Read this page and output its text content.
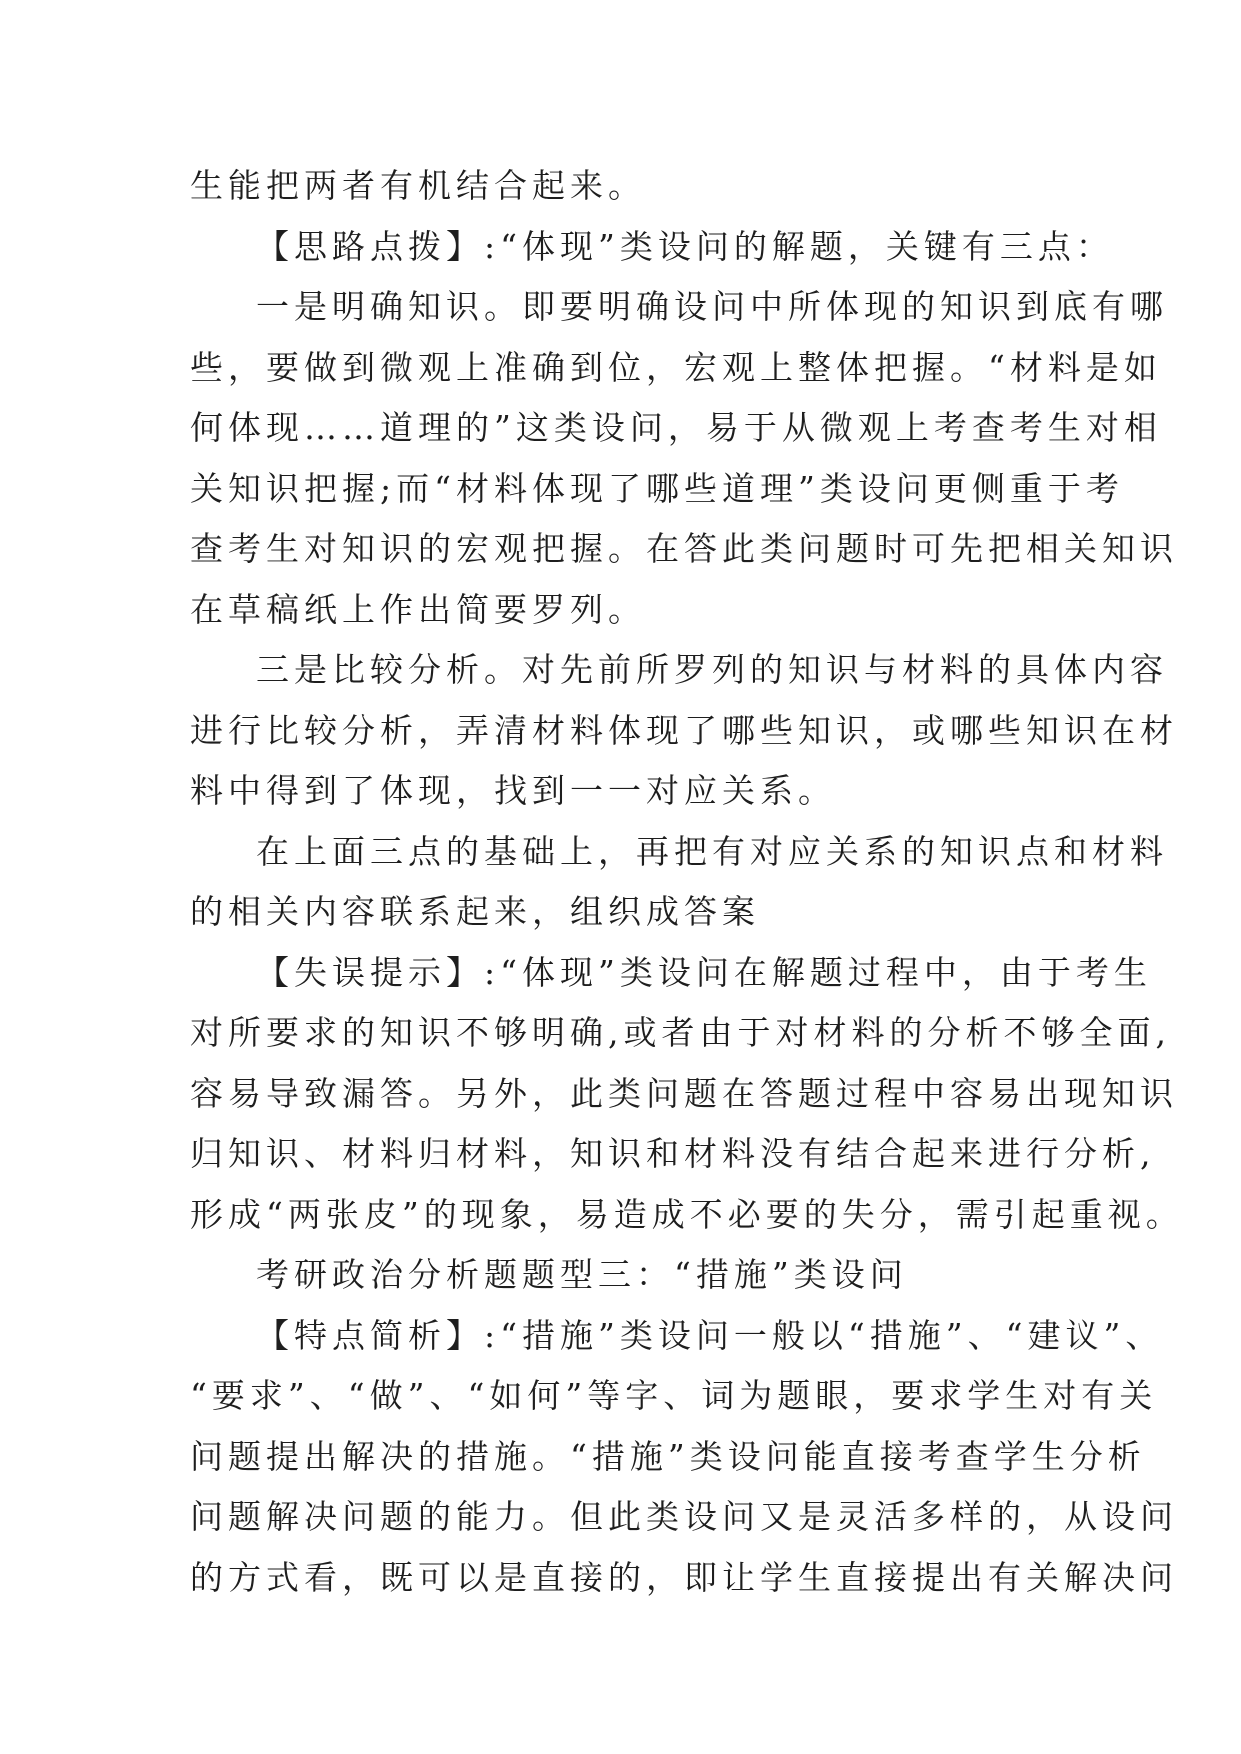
生能把两者有机结合起来。
【思路点拨】:“体现”类设问的解题，关键有三点：
一是明确知识。即要明确设问中所体现的知识到底有哪
些，要做到微观上准确到位，宏观上整体把握。“材料是如
何体现……道理的”这类设问，易于从微观上考查考生对相
关知识把握;而“材料体现了哪些道理”类设问更侧重于考
查考生对知识的宏观把握。在答此类问题时可先把相关知识
在草稿纸上作出简要罗列。
三是比较分析。对先前所罗列的知识与材料的具体内容
进行比较分析，弄清材料体现了哪些知识，或哪些知识在材
料中得到了体现，找到一一对应关系。
在上面三点的基础上，再把有对应关系的知识点和材料
的相关内容联系起来，组织成答案
【失误提示】:“体现”类设问在解题过程中，由于考生
对所要求的知识不够明确,或者由于对材料的分析不够全面,
容易导致漏答。另外，此类问题在答题过程中容易出现知识
归知识、材料归材料，知识和材料没有结合起来进行分析,
形成“两张皮”的现象，易造成不必要的失分，需引起重视。
考研政治分析题题型三：“措施”类设问
【特点简析】:“措施”类设问一般以“措施”、“建议”、
“要求”、“做”、“如何”等字、词为题眼，要求学生对有关
问题提出解决的措施。“措施”类设问能直接考查学生分析
问题解决问题的能力。但此类设问又是灵活多样的，从设问
的方式看，既可以是直接的，即让学生直接提出有关解决问
